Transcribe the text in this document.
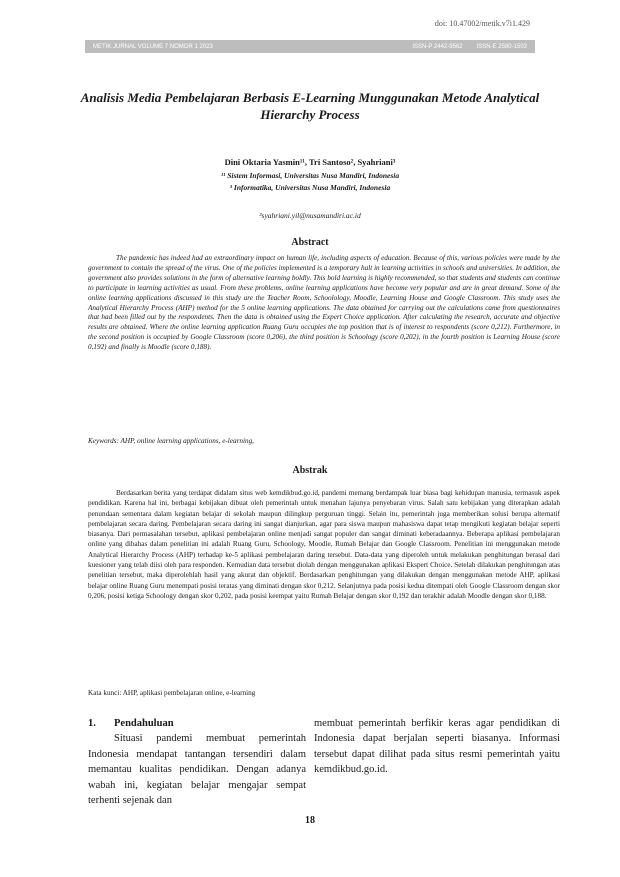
doi: 10.47002/metik.v7i1.429
METIK JURNAL VOLUME 7 NOMOR 1 2023	ISSN-P 2442-9562 ISSN-E 2580-1503
Analisis Media Pembelajaran Berbasis E-Learning Munggunakan Metode Analytical Hierarchy Process
Dini Oktaria Yasmin¹¹, Tri Santoso², Syahriani³
¹¹ Sistem Informasi, Universitas Nusa Mandiri, Indonesia
³ Informatika, Universitas Nusa Mandiri, Indonesia
³syahriani.yil@nusamandiri.ac.id
Abstract

The pandemic has indeed had an extraordinary impact on human life, including aspects of education. Because of this, various policies were made by the government to contain the spread of the virus. One of the policies implemented is a temporary halt in learning activities in schools and universities. In addition, the government also provides solutions in the form of alternative learning boldly. This bold learning is highly recommended, so that students and students can continue to participate in learning activities as usual. From these problems, online learning applications have become very popular and are in great demand. Some of the online learning applications discussed in this study are the Teacher Room, Schoolology, Moodle, Learning House and Google Classroom. This study uses the Analytical Hierarchy Process (AHP) method for the 5 online learning applications. The data obtained for carrying out the calculations came from questionnaires that had been filled out by the respondents. Then the data is obtained using the Expert Choice application. After calculating the research, accurate and objective results are obtained. Where the online learning application Ruang Guru occupies the top position that is of interest to respondents (score 0,212). Furthermore, in the second position is occupied by Google Classroom (score 0,206), the third position is Schoology (score 0,202), in the fourth position is Learning House (score 0,192) and finally is Moodle (score 0,188).

Keywords: AHP, online learning applications, e-learning,
Abstrak

Berdasarkan berita yang terdapat didalam situs web kemdikbud.go.id, pandemi memang berdampak luar biasa bagi kehidupan manusia, termasuk aspek pendidikan. Karena hal ini, berbagai kebijakan dibuat oleh pemerintah untuk menahan lajunya penyebaran virus. Salah satu kebijakan yang diterapkan adalah penundaan sementara dalam kegiatan belajar di sekolah maupun dilingkup perguruan tinggi. Selain itu, pemerintah juga memberikan solusi berupa alternatif pembelajaran secara daring. Pembelajaran secara daring ini sangat dianjurkan, agar para siswa maupun mahasiswa dapat tetap mengikuti kegiatan belajar seperti biasanya. Dari permasalahan tersebut, aplikasi pembelajaran online menjadi sangat populer dan sangat diminati keberadaannya. Beberapa aplikasi pembelajaran online yang dibahas dalam penelitian ini adalah Ruang Guru, Schoology, Moodle, Rumah Belajar dan Google Classroom. Penelitian ini menggunakan metode Analytical Hierarchy Process (AHP) terhadap ke-5 aplikasi pembelajaran daring tersebut. Data-data yang diperoleh untuk melakukan penghitungan berasal dari kuesioner yang telah diisi oleh para responden. Kemudian data tersebut diolah dengan menggunakan aplikasi Ekspert Choice. Setelah dilakukan penghitungan atas penelitian tersebut, maka diperolehlah hasil yang akurat dan objektif. Berdasarkan penghitungan yang dilakukan dengan menggunakan metode AHP, aplikasi belajar online Ruang Guru menempati posisi teratas yang diminati dengan skor 0,212. Selanjutnya pada posisi kedua ditempati oleh Google Classroom dengan skor 0,206, posisi ketiga Schoology dengan skor 0,202, pada posisi keempat yaitu Rumah Belajar dengan skor 0,192 dan terakhir adalah Moodle dengan skor 0,188.

Kata kunci: AHP, aplikasi pembelajaran online, e-learning
1. Pendahuluan

Situasi pandemi membuat pemerintah Indonesia mendapat tantangan tersendiri dalam memantau kualitas pendidikan. Dengan adanya wabah ini, kegiatan belajar mengajar sempat terhenti sejenak dan

membuat pemerintah berfikir keras agar pendidikan di Indonesia dapat berjalan seperti biasanya. Informasi tersebut dapat dilihat pada situs resmi pemerintah yaitu kemdikbud.go.id.

18
